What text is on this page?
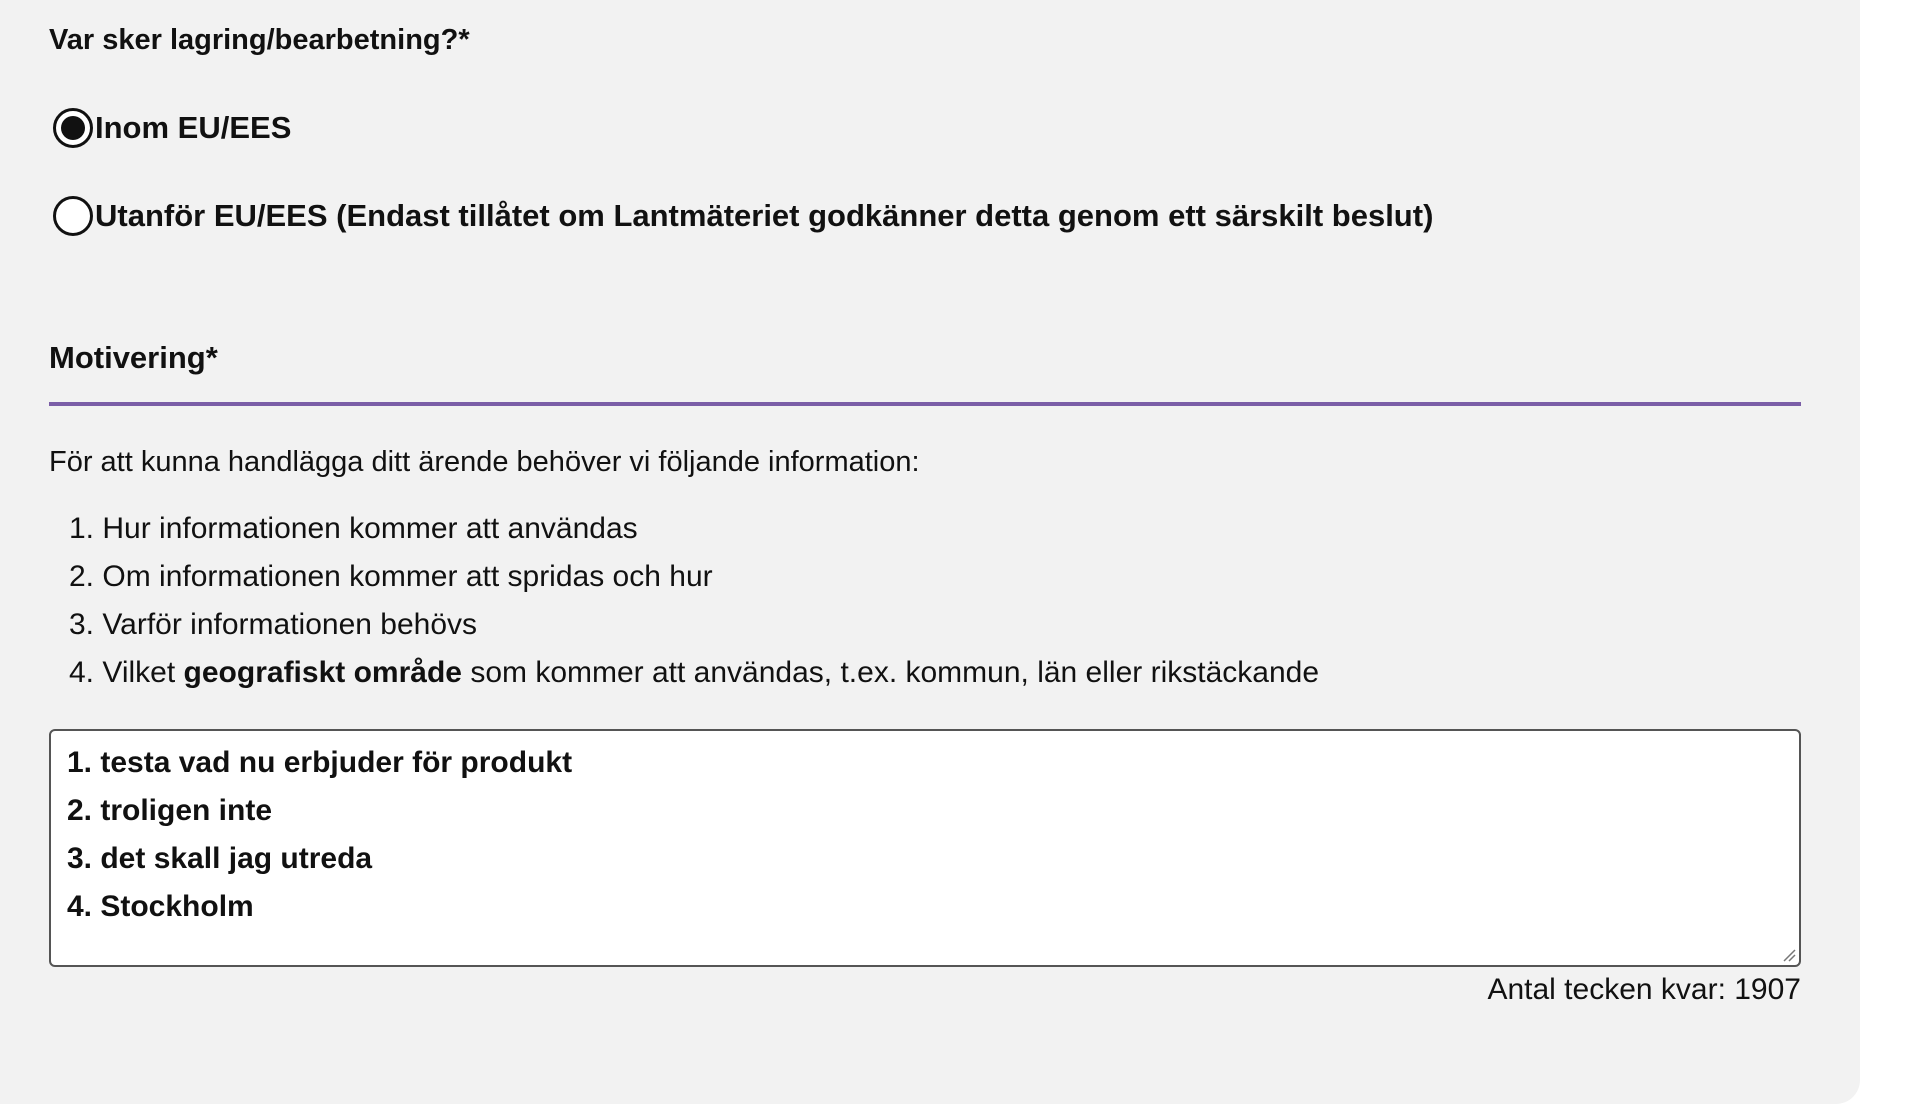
Var sker lagring/bearbetning?*
Inom EU/EES
Utanför EU/EES (Endast tillåtet om Lantmäteriet godkänner detta genom ett särskilt beslut)
Motivering*
För att kunna handlägga ditt ärende behöver vi följande information:
1. Hur informationen kommer att användas
2. Om informationen kommer att spridas och hur
3. Varför informationen behövs
4. Vilket geografiskt område som kommer att användas, t.ex. kommun, län eller rikstäckande
1. testa vad nu erbjuder för produkt
2. troligen inte
3. det skall jag utreda
4. Stockholm
Antal tecken kvar: 1907
